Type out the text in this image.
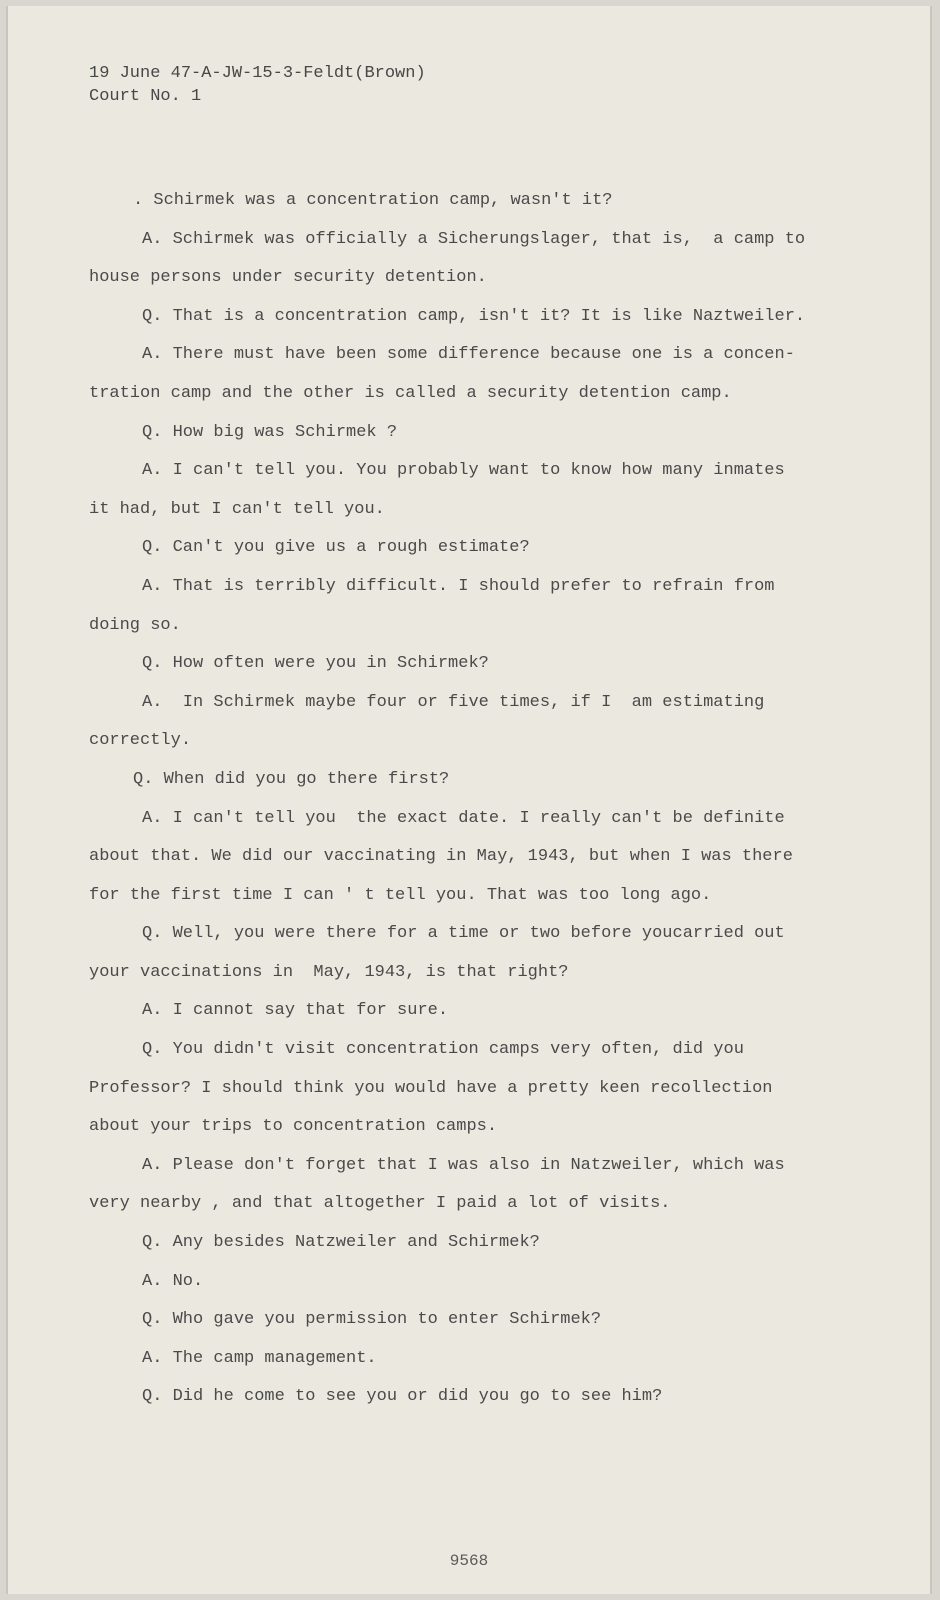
19 June 47-A-JW-15-3-Feldt(Brown)
Court No. 1
. Schirmek was a concentration camp, wasn't it?
A. Schirmek was officially a Sicherungslager, that is,  a camp to
house persons under security detention.
Q. That is a concentration camp, isn't it? It is like Naztweiler.
A. There must have been some difference because one is a concen-
tration camp and the other is called a security detention camp.
Q. How big was Schirmek ?
A. I can't tell you. You probably want to know how many inmates
it had, but I can't tell you.
Q. Can't you give us a rough estimate?
A. That is terribly difficult. I should prefer to refrain from
doing so.
Q. How often were you in Schirmek?
A.  In Schirmek maybe four or five times, if I  am estimating
correctly.
Q. When did you go there first?
A. I can't tell you  the exact date. I really can't be definite
about that. We did our vaccinating in May, 1943, but when I was there
for the first time I can ' t tell you. That was too long ago.
Q. Well, you were there for a time or two before youcarried out
your vaccinations in  May, 1943, is that right?
A. I cannot say that for sure.
Q. You didn't visit concentration camps very often, did you
Professor? I should think you would have a pretty keen recollection
about your trips to concentration camps.
A. Please don't forget that I was also in Natzweiler, which was
very nearby , and that altogether I paid a lot of visits.
Q. Any besides Natzweiler and Schirmek?
A. No.
Q. Who gave you permission to enter Schirmek?
A. The camp management.
Q. Did he come to see you or did you go to see him?
9568
